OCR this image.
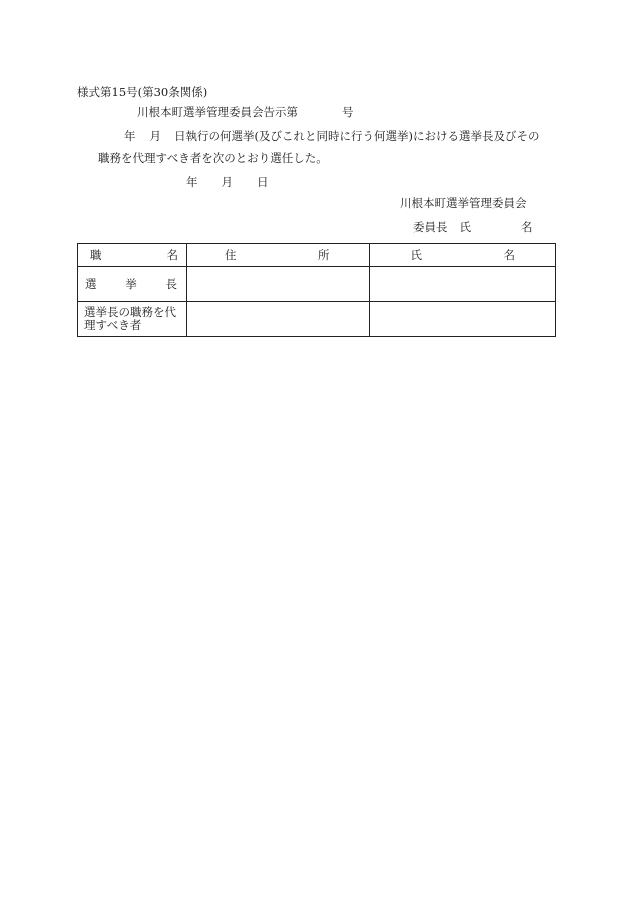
様式第15号(第30条関係)
川根本町選挙管理委員会告示第	号
年 月 日執行の何選挙(及びこれと同時に行う何選挙)における選挙長及びその
職務を代理すべき者を次のとおり選任した。
年 月 日
川根本町選挙管理委員会
委員長 氏	名
職 名	住 所	氏 名

選 挙 長		

選挙長の職務を代理すべき者		
